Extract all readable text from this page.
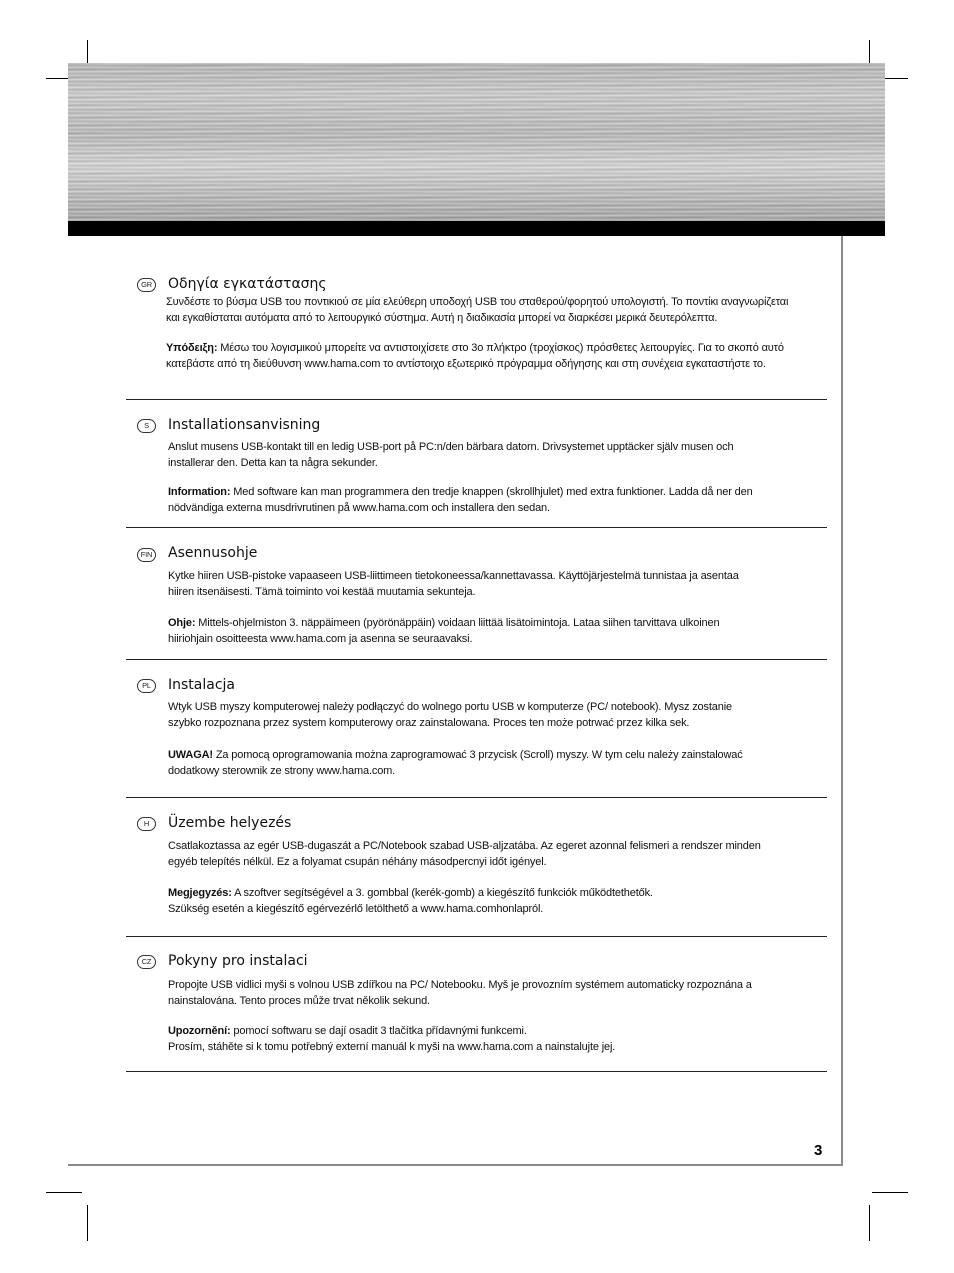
GR Οδηγία εγκατάστασης
Συνδέστε το βύσμα USB του ποντικιού σε μία ελεύθερη υποδοχή USB του σταθερού/φορητού υπολογιστή. Το ποντίκι αναγνωρίζεται
και εγκαθίσταται αυτόματα από το λειτουργικό σύστημα. Αυτή η διαδικασία μπορεί να διαρκέσει μερικά δευτερόλεπτα.
Υπόδειξη: Μέσω του λογισμικού μπορείτε να αντιστοιχίσετε στο 3ο πλήκτρο (τροχίσκος) πρόσθετες λειτουργίες. Για το σκοπό αυτό
κατεβάστε από τη διεύθυνση www.hama.com το αντίστοιχο εξωτερικό πρόγραμμα οδήγησης και στη συνέχεια εγκαταστήστε το.
S	Installationsanvisning
Anslut musens USB-kontakt till en ledig USB-port på PC:n/den bärbara datorn. Drivsystemet upptäcker själv musen och
installerar den. Detta kan ta några sekunder.
Information: Med software kan man programmera den tredje knappen (skrollhjulet) med extra funktioner. Ladda då ner den
nödvändiga externa musdrivrutinen på www.hama.com och installera den sedan.
FIN Asennusohje
Kytke hiiren USB-pistoke vapaaseen USB-liittimeen tietokoneessa/kannettavassa. Käyttöjärjestelmä tunnistaa ja asentaa
hiiren itsenäisesti. Tämä toiminto voi kestää muutamia sekunteja.
Ohje: Mittels-ohjelmiston 3. näppäimeen (pyörönäppäin) voidaan liittää lisätoimintoja. Lataa siihen tarvittava ulkoinen
hiiriohjain osoitteesta www.hama.com ja asenna se seuraavaksi.
PL	Instalacja
Wtyk USB myszy komputerowej należy podłączyć do wolnego portu USB w komputerze (PC/ notebook). Mysz zostanie
szybko rozpoznana przez system komputerowy oraz zainstalowana. Proces ten może potrwać przez kilka sek.
UWAGA! Za pomocą oprogramowania można zaprogramować 3 przycisk (Scroll) myszy. W tym celu należy zainstalować
dodatkowy sterownik ze strony www.hama.com.
H	Üzembe helyezés
Csatlakoztassa az egér USB-dugaszát a PC/Notebook szabad USB-aljzatába. Az egeret azonnal felismeri a rendszer minden
egyéb telepítés nélkül. Ez a folyamat csupán néhány másodpercnyi időt igényel.
Megjegyzés: A szoftver segítségével a 3. gombbal (kerék-gomb) a kiegészítő funkciók működtethetők.
Szükség esetén a kiegészítő egérvezérlő letölthető a www.hama.comhonlapról.
CZ	Pokyny pro instalaci
Propojte USB vidlici myši s volnou USB zdířkou na PC/ Notebooku. Myš je provozním systémem automaticky rozpoznána a
nainstalována. Tento proces může trvat několik sekund.
Upozornění: pomocí softwaru se dají osadit 3 tlačítka přídavnými funkcemi.
Prosím, stáhěte si k tomu potřebný externí manuál k myši na www.hama.com a nainstalujte jej.
3
